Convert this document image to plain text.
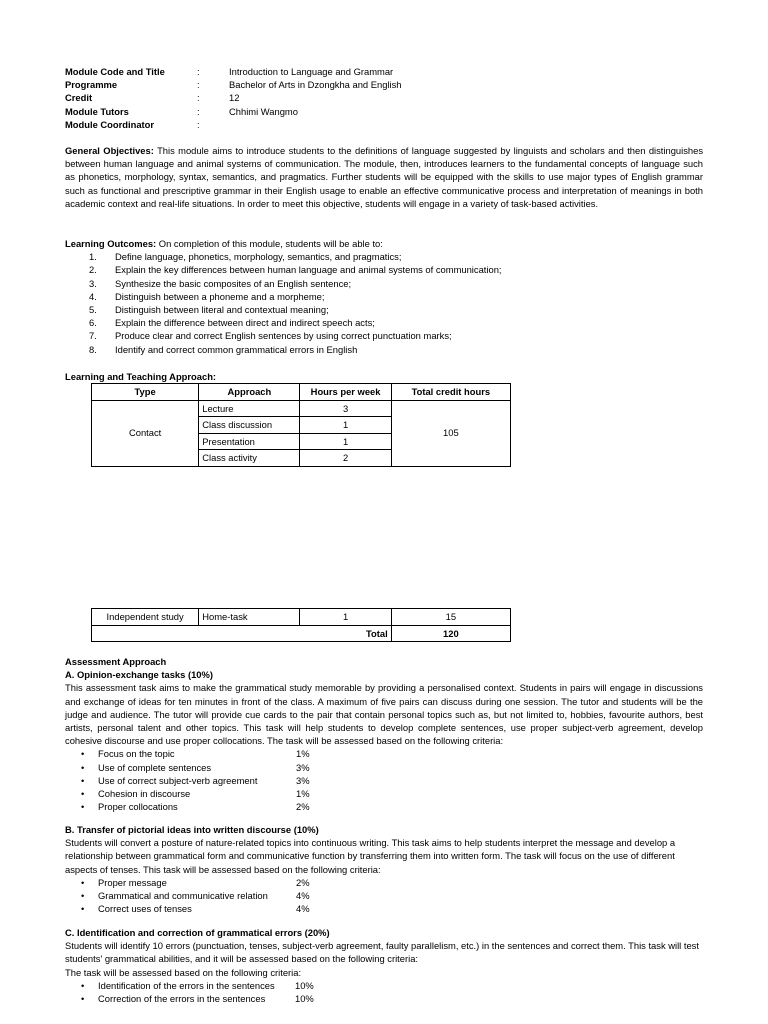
Module Code and Title	:	Introduction to Language and Grammar
Programme	:	Bachelor of Arts in Dzongkha and English
Credit	:	12
Module Tutors	:	Chhimi Wangmo
Module Coordinator	:
General Objectives: This module aims to introduce students to the definitions of language suggested by linguists and scholars and then distinguishes between human language and animal systems of communication. The module, then, introduces learners to the fundamental concepts of language such as phonetics, morphology, syntax, semantics, and pragmatics. Further students will be equipped with the skills to use major types of English grammar such as functional and prescriptive grammar in their English usage to enable an effective communicative process and interpretation of meanings in both academic context and real-life situations. In order to meet this objective, students will engage in a variety of task-based activities.
Learning Outcomes: On completion of this module, students will be able to:
1. Define language, phonetics, morphology, semantics, and pragmatics;
2. Explain the key differences between human language and animal systems of communication;
3. Synthesize the basic composites of an English sentence;
4. Distinguish between a phoneme and a morpheme;
5. Distinguish between literal and contextual meaning;
6. Explain the difference between direct and indirect speech acts;
7. Produce clear and correct English sentences by using correct punctuation marks;
8. Identify and correct common grammatical errors in English
Learning and Teaching Approach:
Type	Approach	Hours per week	Total credit hours
Contact	Lecture	3	105
	Class discussion	1	
	Presentation	1	
	Class activity	2	
Independent study	Home-task	1	15
Total			120
Assessment Approach
A. Opinion-exchange tasks (10%)
This assessment task aims to make the grammatical study memorable by providing a personalised context. Students in pairs will engage in discussions and exchange of ideas for ten minutes in front of the class. A maximum of five pairs can discuss during one session. The tutor and students will be the judge and audience. The tutor will provide cue cards to the pair that contain personal topics such as, but not limited to, hobbies, favourite authors, best artists, personal talent and other topics. This task will help students to develop complete sentences, use proper subject-verb agreement, develop cohesive discourse and use proper collocations. The task will be assessed based on the following criteria:
• Focus on the topic	1%
• Use of complete sentences	3%
• Use of correct subject-verb agreement	3%
• Cohesion in discourse	1%
• Proper collocations	2%
B. Transfer of pictorial ideas into written discourse (10%)
Students will convert a posture of nature-related topics into continuous writing. This task aims to help students interpret the message and develop a relationship between grammatical form and communicative function by transferring them into written form. The task will focus on the use of different aspects of tenses. This task will be assessed based on the following criteria:
• Proper message	2%
• Grammatical and communicative relation	4%
• Correct uses of tenses	4%
C. Identification and correction of grammatical errors (20%)
Students will identify 10 errors (punctuation, tenses, subject-verb agreement, faulty parallelism, etc.) in the sentences and correct them. This task will test students' grammatical abilities, and it will be assessed based on the following criteria:
The task will be assessed based on the following criteria:
• Identification of the errors in the sentences 10%
• Correction of the errors in the sentences	10%
